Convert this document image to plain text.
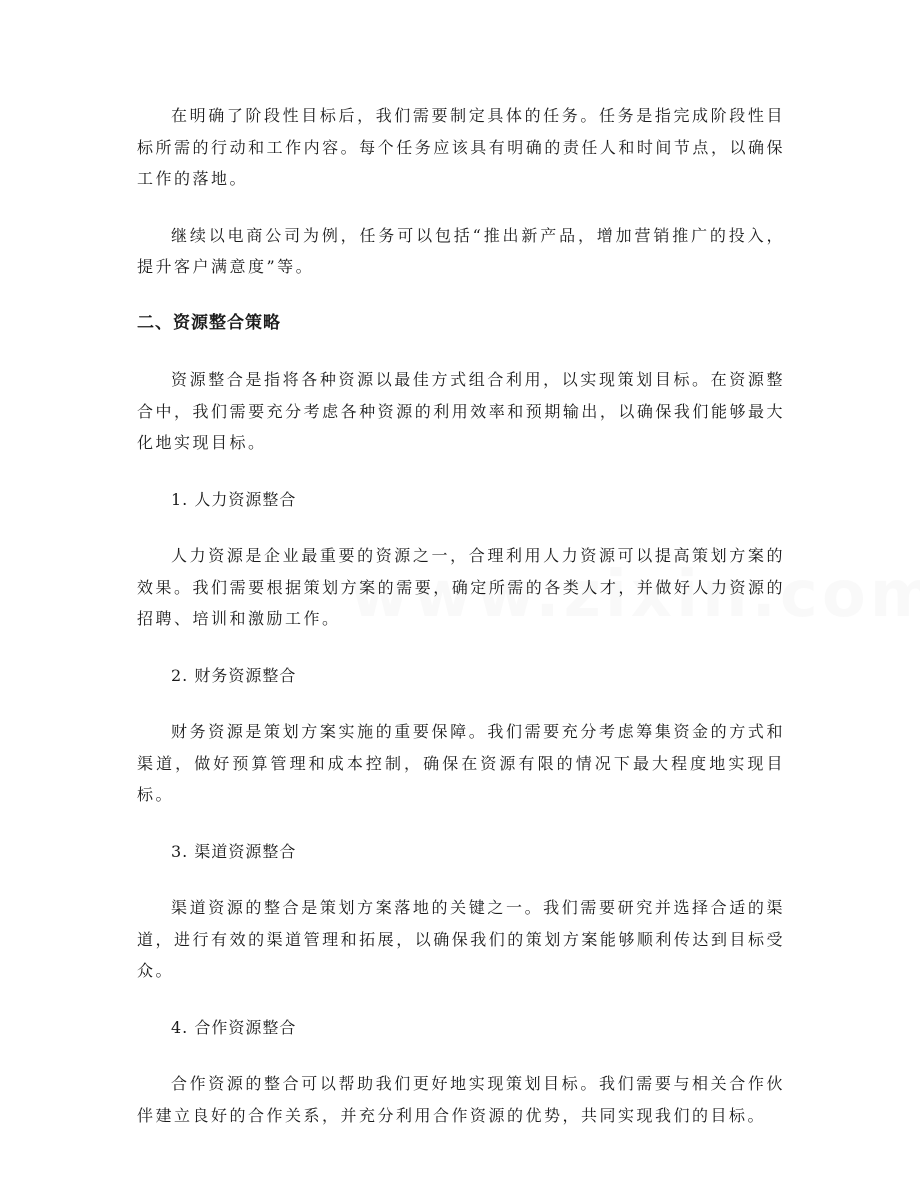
在明确了阶段性目标后，我们需要制定具体的任务。任务是指完成阶段性目标所需的行动和工作内容。每个任务应该具有明确的责任人和时间节点，以确保工作的落地。

继续以电商公司为例，任务可以包括“推出新产品，增加营销推广的投入，提升客户满意度”等。

二、资源整合策略

资源整合是指将各种资源以最佳方式组合利用，以实现策划目标。在资源整合中，我们需要充分考虑各种资源的利用效率和预期输出，以确保我们能够最大化地实现目标。

1. 人力资源整合

人力资源是企业最重要的资源之一，合理利用人力资源可以提高策划方案的效果。我们需要根据策划方案的需要，确定所需的各类人才，并做好人力资源的招聘、培训和激励工作。

2. 财务资源整合

财务资源是策划方案实施的重要保障。我们需要充分考虑筹集资金的方式和渠道，做好预算管理和成本控制，确保在资源有限的情况下最大程度地实现目标。

3. 渠道资源整合

渠道资源的整合是策划方案落地的关键之一。我们需要研究并选择合适的渠道，进行有效的渠道管理和拓展，以确保我们的策划方案能够顺利传达到目标受众。

4. 合作资源整合

合作资源的整合可以帮助我们更好地实现策划目标。我们需要与相关合作伙伴建立良好的合作关系，并充分利用合作资源的优势，共同实现我们的目标。
